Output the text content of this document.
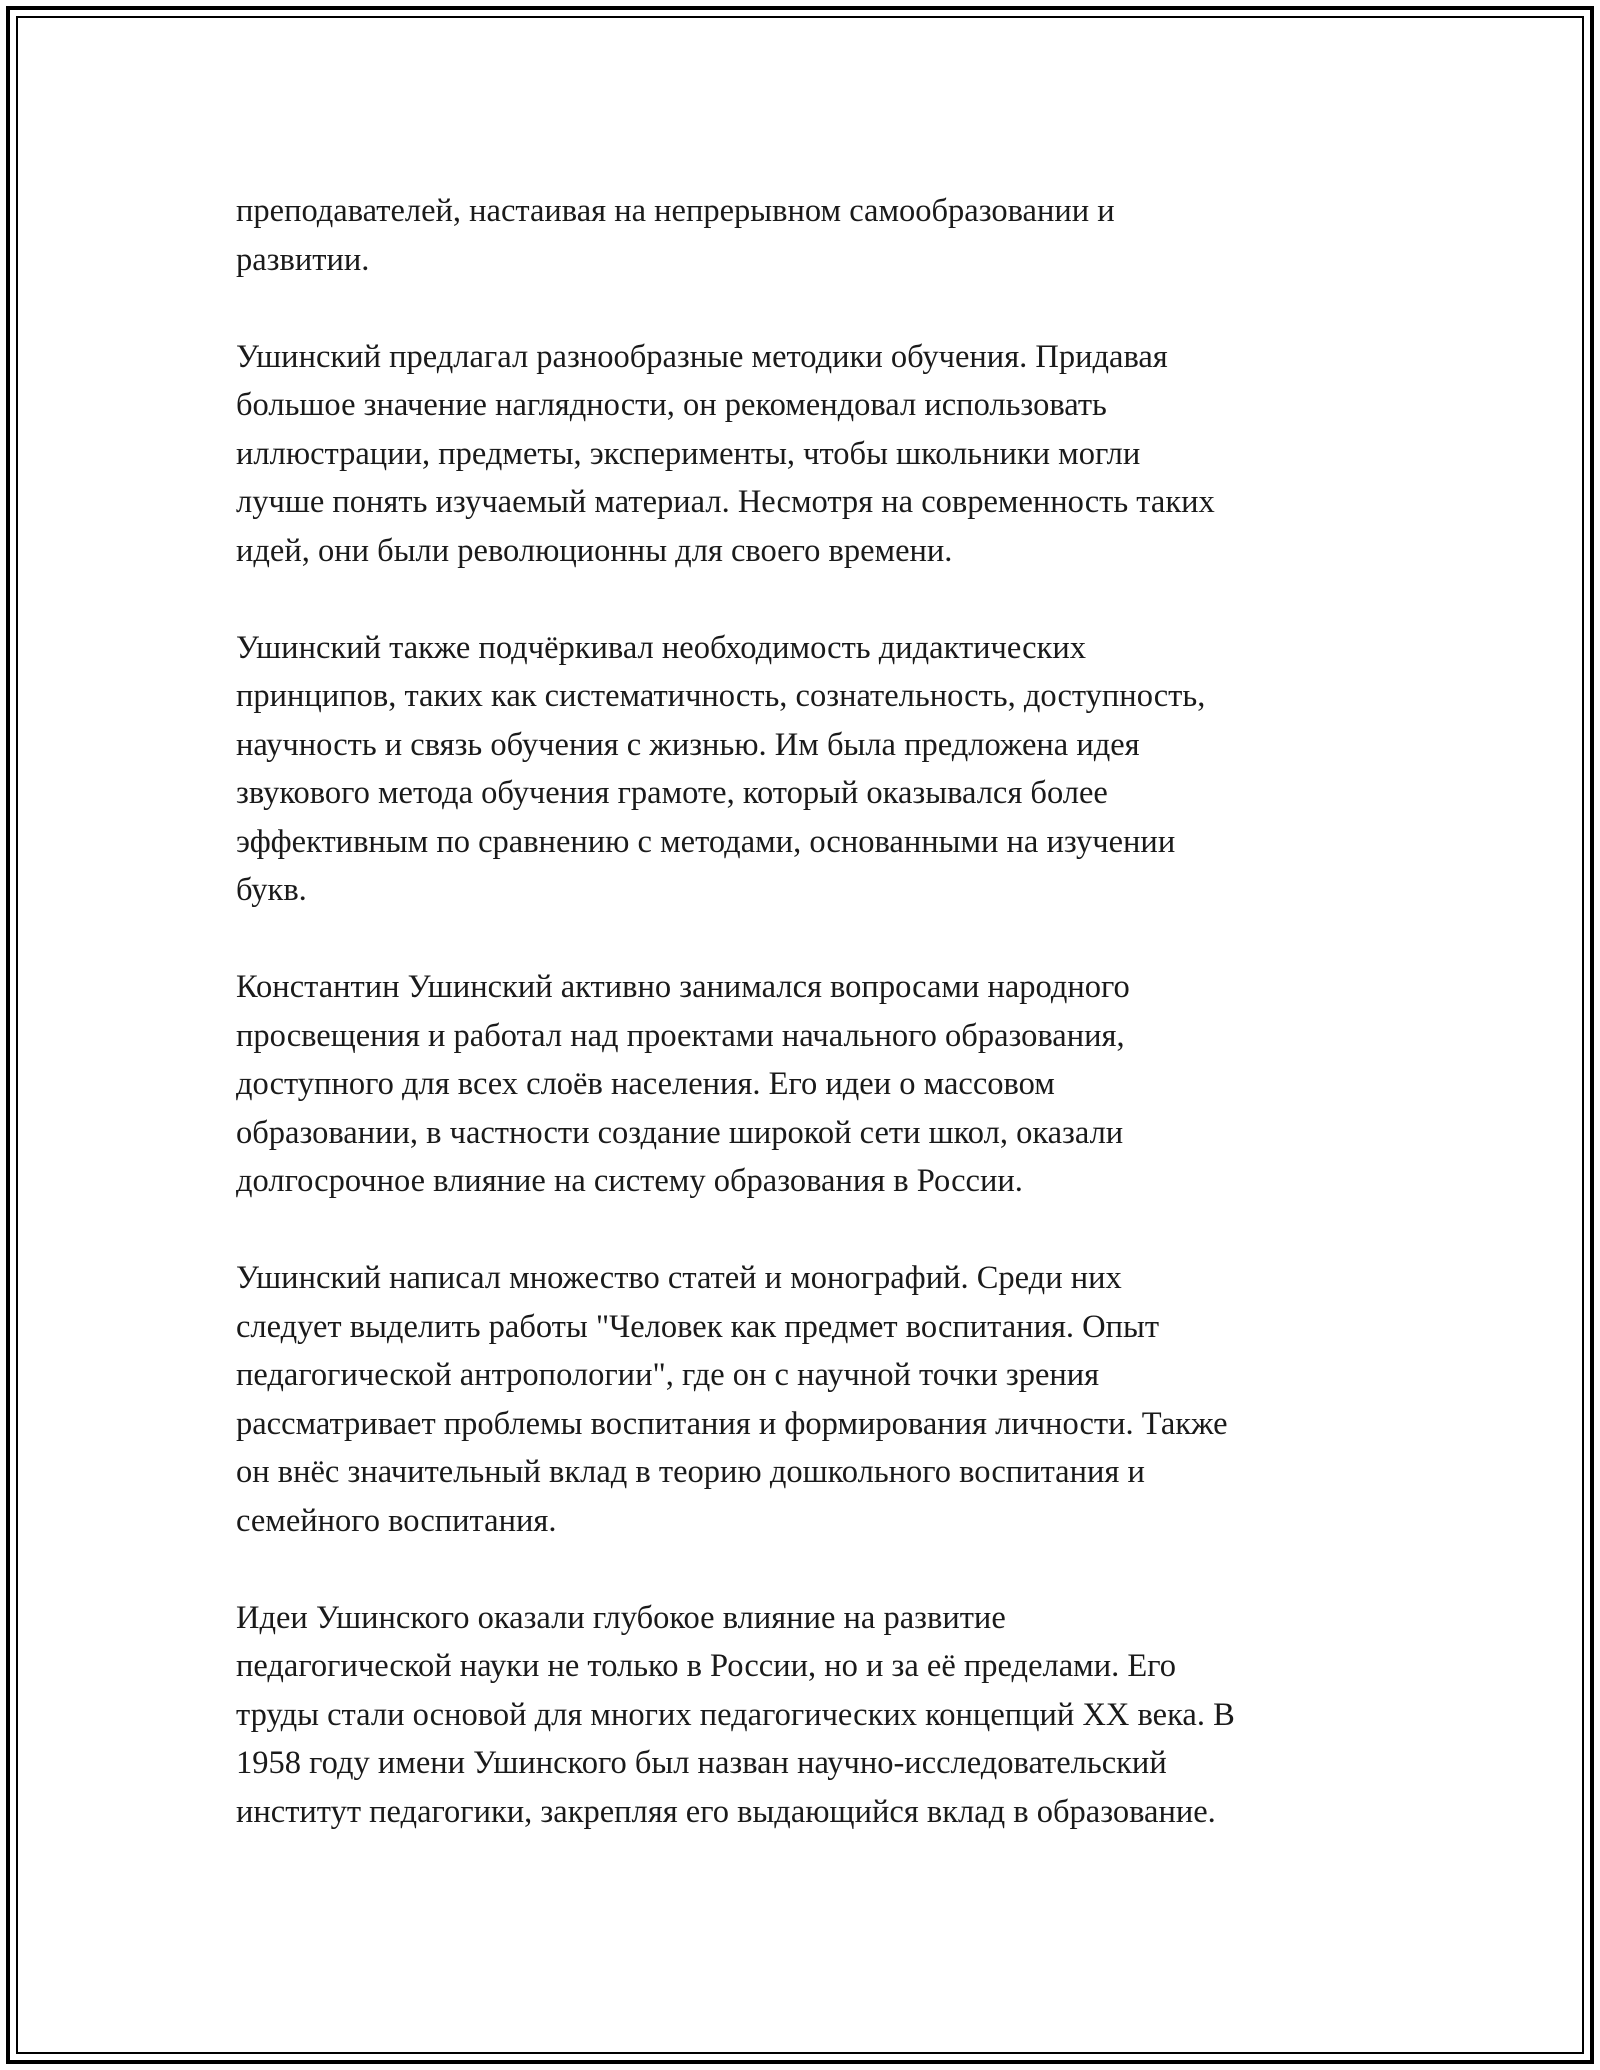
преподавателей, настаивая на непрерывном самообразовании и
развитии.

Ушинский предлагал разнообразные методики обучения. Придавая
большое значение наглядности, он рекомендовал использовать
иллюстрации, предметы, эксперименты, чтобы школьники могли
лучше понять изучаемый материал. Несмотря на современность таких
идей, они были революционны для своего времени.

Ушинский также подчёркивал необходимость дидактических
принципов, таких как систематичность, сознательность, доступность,
научность и связь обучения с жизнью. Им была предложена идея
звукового метода обучения грамоте, который оказывался более
эффективным по сравнению с методами, основанными на изучении
букв.

Константин Ушинский активно занимался вопросами народного
просвещения и работал над проектами начального образования,
доступного для всех слоёв населения. Его идеи о массовом
образовании, в частности создание широкой сети школ, оказали
долгосрочное влияние на систему образования в России.

Ушинский написал множество статей и монографий. Среди них
следует выделить работы "Человек как предмет воспитания. Опыт
педагогической антропологии", где он с научной точки зрения
рассматривает проблемы воспитания и формирования личности. Также
он внёс значительный вклад в теорию дошкольного воспитания и
семейного воспитания.

Идеи Ушинского оказали глубокое влияние на развитие
педагогической науки не только в России, но и за её пределами. Его
труды стали основой для многих педагогических концепций XX века. В
1958 году имени Ушинского был назван научно-исследовательский
институт педагогики, закрепляя его выдающийся вклад в образование.
